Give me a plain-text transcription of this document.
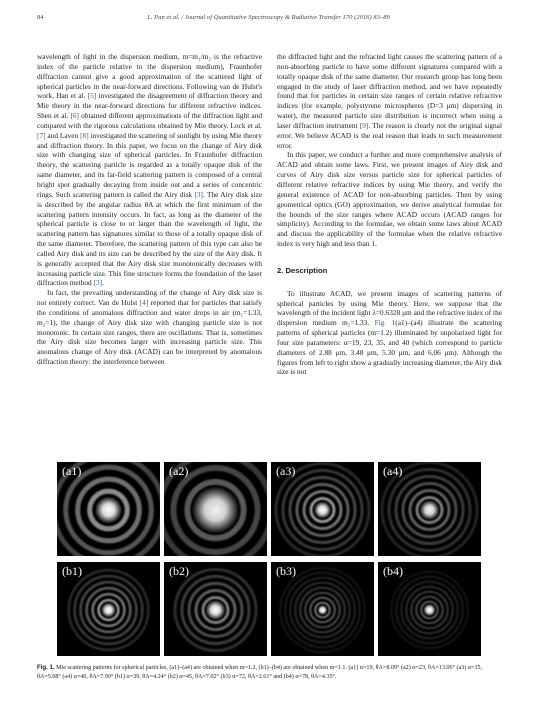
84	L. Pan et al. / Journal of Quantitative Spectroscopy & Radiative Transfer 170 (2016) 83–89

wavelength of light in the dispersion medium, m=m₁/m₂ is the refractive index of the particle relative to the dispersion medium), Fraunhofer diffraction cannot give a good approximation of the scattered light of spherical particles in the near-forward directions. Following van de Hulst's work, Han et al. [5] investigated the disagreement of diffraction theory and Mie theory in the near-forward directions for different refractive indices. Shen et al. [6] obtained different approximations of the diffraction light and compared with the rigorous calculations obtained by Mie theory. Lock et al. [7] and Laven [8] investigated the scattering of sunlight by using Mie theory and diffraction theory. In this paper, we focus on the change of Airy disk size with changing size of spherical particles. In Fraunhofer diffraction theory, the scattering particle is regarded as a totally opaque disk of the same diameter, and its far-field scattering pattern is composed of a central bright spot gradually decaying from inside out and a series of concentric rings. Such scattering pattern is called the Airy disk [3]. The Airy disk size is described by the angular radius θA at which the first minimum of the scattering pattern intensity occurs. In fact, as long as the diameter of the spherical particle is close to or larger than the wavelength of light, the scattering pattern has signatures similar to those of a totally opaque disk of the same diameter. Therefore, the scattering pattern of this type can also be called Airy disk and its size can be described by the size of the Airy disk. It is generally accepted that the Airy disk size monotonically decreases with increasing particle size. This fine structure forms the foundation of the laser diffraction method [3].

In fact, the prevailing understanding of the change of Airy disk size is not entirely correct. Van de Hulst [4] reported that for particles that satisfy the conditions of anomalous diffraction and water drops in air (m₁=1.33, m₂=1), the change of Airy disk size with changing particle size is not monotonic. In certain size ranges, there are oscillations. That is, sometimes the Airy disk size becomes larger with increasing particle size. This anomalous change of Airy disk (ACAD) can be interpreted by anomalous diffraction theory: the interference between

the diffracted light and the refracted light causes the scattering pattern of a non-absorbing particle to have some different signatures compared with a totally opaque disk of the same diameter. Our research group has long been engaged in the study of laser diffraction method, and we have repeatedly found that for particles in certain size ranges of certain relative refractive indices (for example, polystyrene microspheres (D=3 μm) dispersing in water), the measured particle size distribution is incorrect when using a laser diffraction instrument [9]. The reason is clearly not the original signal error. We believe ACAD is the real reason that leads to such measurement error.

In this paper, we conduct a further and more comprehensive analysis of ACAD and obtain some laws. First, we present images of Airy disk and curves of Airy disk size versus particle size for spherical particles of different relative refractive indices by using Mie theory, and verify the general existence of ACAD for non-absorbing particles. Then by using geometrical optics (GO) approximation, we derive analytical formulae for the bounds of the size ranges where ACAD occurs (ACAD ranges for simplicity). According to the formulae, we obtain some laws about ACAD and discuss the applicability of the formulae when the relative refractive index is very high and less than 1.

2. Description

To illustrate ACAD, we present images of scattering patterns of spherical particles by using Mie theory. Here, we suppose that the wavelength of the incident light λ=0.6328 μm and the refractive index of the dispersion medium m₂=1.33. Fig. 1(a1)–(a4) illustrate the scattering patterns of spherical particles (m=1.2) illuminated by unpolarized light for four size parameters: α=19, 23, 35, and 40 (which correspond to particle diameters of 2.88 μm, 3.48 μm, 5.30 μm, and 6.06 μm). Although the figures from left to right show a gradually increasing diameter, the Airy disk size is not

(a1)	(a2)	(a3)	(a4)
(b1)	(b2)	(b3)	(b4)
Fig. 1. Mie scattering patterns for spherical particles, (a1)–(a4) are obtained when m=1.2, (b1)–(b4) are obtained when m=1.1. (a1) α=19, θA=8.09° (a2) α=23, θA=13.06° (a3) α=35, θA=5.08° (a4) α=40, θA=7.90° (b1) α=39, θA=4.24° (b2) α=45, θA=7.02° (b3) α=72, θA=2.61° and (b4) α=78, θA=4.35°.
